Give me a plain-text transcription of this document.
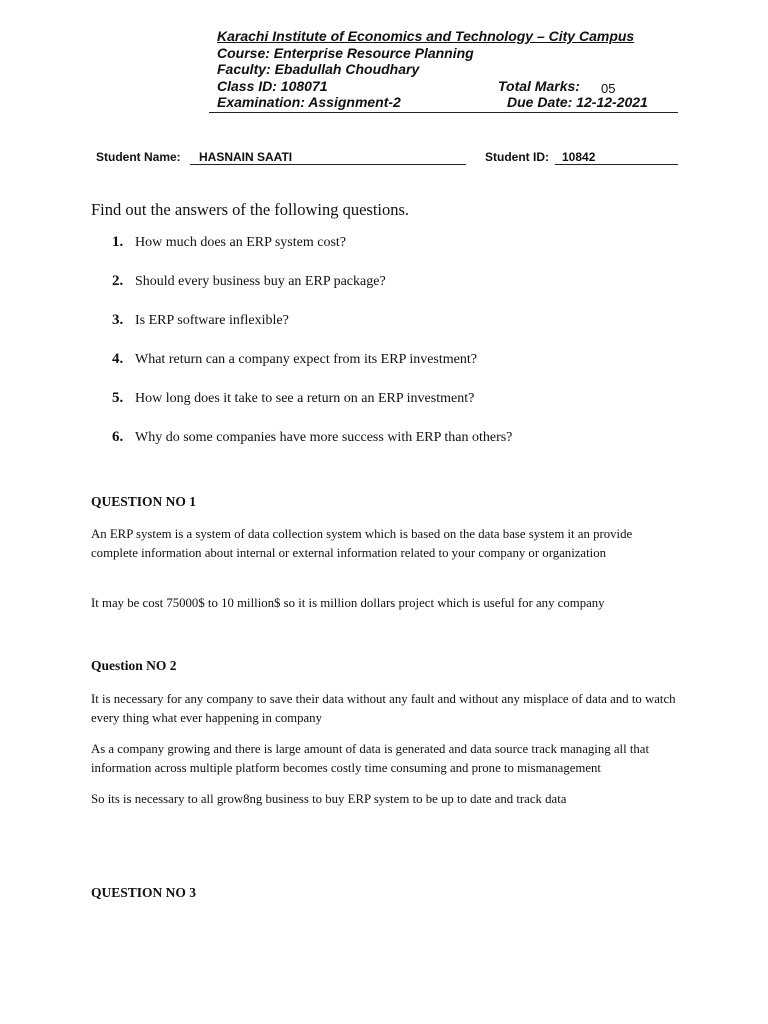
Karachi Institute of Economics and Technology – City Campus
Course: Enterprise Resource Planning
Faculty: Ebadullah Choudhary
Class ID: 108071	Total Marks: 05
Examination: Assignment-2	Due Date: 12-12-2021
Student Name: HASNAIN SAATI	Student ID: 10842
Find out the answers of the following questions.
1. How much does an ERP system cost?
2. Should every business buy an ERP package?
3. Is ERP software inflexible?
4. What return can a company expect from its ERP investment?
5. How long does it take to see a return on an ERP investment?
6. Why do some companies have more success with ERP than others?
QUESTION NO 1
An ERP system is a system of data collection system which is based on the data base system it an provide complete information about internal or external information related to your company or organization
It may be cost 75000$ to 10 million$ so it is million dollars project which is useful for any company
Question NO 2
It is necessary for any company to save their data without any fault and without any misplace of data and to watch every thing what ever happening in company
As a company growing and there is large amount of data is generated and data source track managing all that information across multiple platform becomes costly time consuming and prone to mismanagement
So its is necessary to all grow8ng business to buy ERP system to be up to date and track data
QUESTION NO 3
